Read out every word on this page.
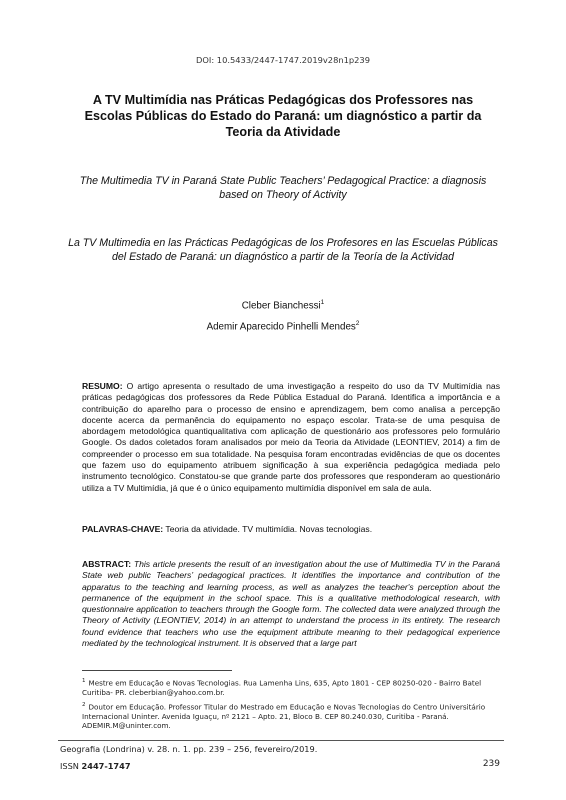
DOI: 10.5433/2447-1747.2019v28n1p239
A TV Multimídia nas Práticas Pedagógicas dos Professores nas Escolas Públicas do Estado do Paraná: um diagnóstico a partir da Teoria da Atividade
The Multimedia TV in Paraná State Public Teachers’ Pedagogical Practice: a diagnosis based on Theory of Activity
La TV Multimedia en las Prácticas Pedagógicas de los Profesores en las Escuelas Públicas del Estado de Paraná: un diagnóstico a partir de la Teoría de la Actividad
Cleber Bianchessi$^1$
Ademir Aparecido Pinhelli Mendes$^2$
RESUMO: O artigo apresenta o resultado de uma investigação a respeito do uso da TV Multimídia nas práticas pedagógicas dos professores da Rede Pública Estadual do Paraná. Identifica a importância e a contribuição do aparelho para o processo de ensino e aprendizagem, bem como analisa a percepção docente acerca da permanência do equipamento no espaço escolar. Trata-se de uma pesquisa de abordagem metodológica quantiqualitativa com aplicação de questionário aos professores pelo formulário Google. Os dados coletados foram analisados por meio da Teoria da Atividade (LEONTIEV, 2014) a fim de compreender o processo em sua totalidade. Na pesquisa foram encontradas evidências de que os docentes que fazem uso do equipamento atribuem significação à sua experiência pedagógica mediada pelo instrumento tecnológico. Constatou-se que grande parte dos professores que responderam ao questionário utiliza a TV Multimídia, já que é o único equipamento multimídia disponível em sala de aula.
PALAVRAS-CHAVE: Teoria da atividade. TV multimídia. Novas tecnologias.
ABSTRACT: This article presents the result of an investigation about the use of Multimedia TV in the Paraná State web public Teachers’ pedagogical practices. It identifies the importance and contribution of the apparatus to the teaching and learning process, as well as analyzes the teacher's perception about the permanence of the equipment in the school space. This is a qualitative methodological research, with questionnaire application to teachers through the Google form. The collected data were analyzed through the Theory of Activity (LEONTIEV, 2014) in an attempt to understand the process in its entirety. The research found evidence that teachers who use the equipment attribute meaning to their pedagogical experience mediated by the technological instrument. It is observed that a large part
$^1$ Mestre em Educação e Novas Tecnologias. Rua Lamenha Lins, 635, Apto 1801 - CEP 80250-020 - Bairro Batel Curitiba- PR. cleberbian@yahoo.com.br.
$^2$ Doutor em Educação. Professor Titular do Mestrado em Educação e Novas Tecnologias do Centro Universitário Internacional Uninter. Avenida Iguaçu, nº 2121 – Apto. 21, Bloco B. CEP 80.240.030, Curitiba - Paraná. ADEMIR.M@uninter.com.
Geografia (Londrina) v. 28. n. 1. pp. 239 – 256, fevereiro/2019.
ISSN 2447-1747	239
